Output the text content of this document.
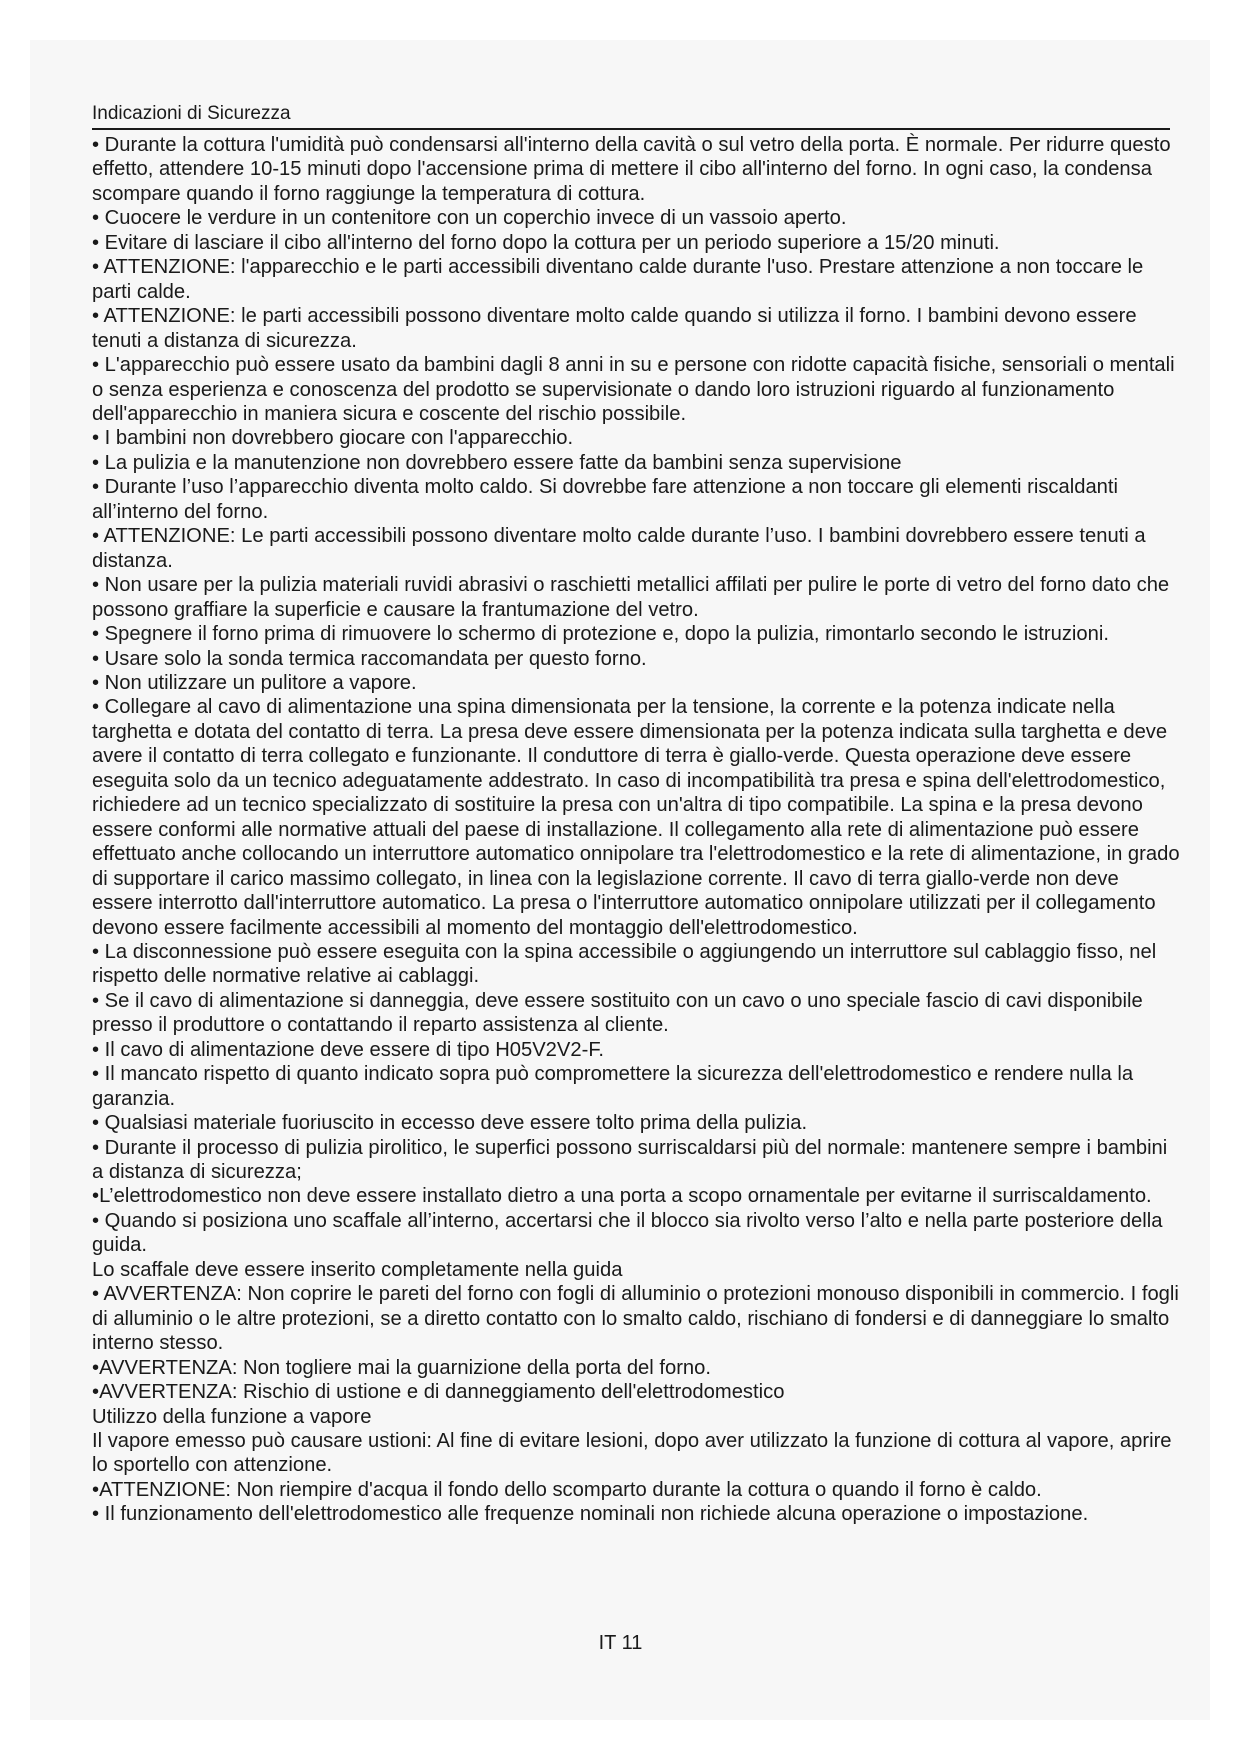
Indicazioni di Sicurezza

• Durante la cottura l'umidità può condensarsi all'interno della cavità o sul vetro della porta. È normale. Per ridurre questo effetto, attendere 10-15 minuti dopo l'accensione prima di mettere il cibo all'interno del forno. In ogni caso, la condensa scompare quando il forno raggiunge la temperatura di cottura.

• Cuocere le verdure in un contenitore con un coperchio invece di un vassoio aperto.

• Evitare di lasciare il cibo all'interno del forno dopo la cottura per un periodo superiore a 15/20 minuti.

• ATTENZIONE: l'apparecchio e le parti accessibili diventano calde durante l'uso. Prestare attenzione a non toccare le parti calde.

• ATTENZIONE: le parti accessibili possono diventare molto calde quando si utilizza il forno. I bambini devono essere tenuti a distanza di sicurezza.

• L'apparecchio può essere usato da bambini dagli 8 anni in su e persone con ridotte capacità fisiche, sensoriali o mentali o senza esperienza e conoscenza del prodotto se supervisionate o dando loro istruzioni riguardo al funzionamento dell'apparecchio in maniera sicura e coscente del rischio possibile.

• I bambini non dovrebbero giocare con l'apparecchio.

• La pulizia e la manutenzione non dovrebbero essere fatte da bambini senza supervisione

• Durante l’uso l’apparecchio diventa molto caldo. Si dovrebbe fare attenzione a non toccare gli elementi riscaldanti all’interno del forno.

• ATTENZIONE: Le parti accessibili possono diventare molto calde durante l’uso. I bambini dovrebbero essere tenuti a distanza.

• Non usare per la pulizia materiali ruvidi abrasivi o raschietti metallici affilati per pulire le porte di vetro del forno dato che possono graffiare la superficie e causare la frantumazione del vetro.

• Spegnere il forno prima di rimuovere lo schermo di protezione e, dopo la pulizia, rimontarlo secondo le istruzioni.

• Usare solo la sonda termica raccomandata per questo forno.

• Non utilizzare un pulitore a vapore.

• Collegare al cavo di alimentazione una spina dimensionata per la tensione, la corrente e la potenza indicate nella targhetta e dotata del contatto di terra. La presa deve essere dimensionata per la potenza indicata sulla targhetta e deve avere il contatto di terra collegato e funzionante. Il conduttore di terra è giallo-verde. Questa operazione deve essere eseguita solo da un tecnico adeguatamente addestrato. In caso di incompatibilità tra presa e spina dell'elettrodomestico, richiedere ad un tecnico specializzato di sostituire la presa con un'altra di tipo compatibile. La spina e la presa devono essere conformi alle normative attuali del paese di installazione. Il collegamento alla rete di alimentazione può essere effettuato anche collocando un interruttore automatico onnipolare tra l'elettrodomestico e la rete di alimentazione, in grado di supportare il carico massimo collegato, in linea con la legislazione corrente. Il cavo di terra giallo-verde non deve essere interrotto dall'interruttore automatico. La presa o l'interruttore automatico onnipolare utilizzati per il collegamento devono essere facilmente accessibili al momento del montaggio dell'elettrodomestico.

• La disconnessione può essere eseguita con la spina accessibile o aggiungendo un interruttore sul cablaggio fisso, nel rispetto delle normative relative ai cablaggi.

• Se il cavo di alimentazione si danneggia, deve essere sostituito con un cavo o uno speciale fascio di cavi disponibile presso il produttore o contattando il reparto assistenza al cliente.

• Il cavo di alimentazione deve essere di tipo H05V2V2-F.

• Il mancato rispetto di quanto indicato sopra può compromettere la sicurezza dell'elettrodomestico e rendere nulla la garanzia.

• Qualsiasi materiale fuoriuscito in eccesso deve essere tolto prima della pulizia.

• Durante il processo di pulizia pirolitico, le superfici possono surriscaldarsi più del normale: mantenere sempre i bambini a distanza di sicurezza;

•L’elettrodomestico non deve essere installato dietro a una porta a scopo ornamentale per evitarne il surriscaldamento.

• Quando si posiziona uno scaffale all’interno, accertarsi che il blocco sia rivolto verso l’alto e nella parte posteriore della guida.

Lo scaffale deve essere inserito completamente nella guida

• AVVERTENZA: Non coprire le pareti del forno con fogli di alluminio o protezioni monouso disponibili in commercio. I fogli di alluminio o le altre protezioni, se a diretto contatto con lo smalto caldo, rischiano di fondersi e di danneggiare lo smalto interno stesso.

•AVVERTENZA: Non togliere mai la guarnizione della porta del forno.

•AVVERTENZA: Rischio di ustione e di danneggiamento dell'elettrodomestico

Utilizzo della funzione a vapore

Il vapore emesso può causare ustioni: Al fine di evitare lesioni, dopo aver utilizzato la funzione di cottura al vapore, aprire lo sportello con attenzione.

•ATTENZIONE: Non riempire d'acqua il fondo dello scomparto durante la cottura o quando il forno è caldo.

• Il funzionamento dell'elettrodomestico alle frequenze nominali non richiede alcuna operazione o impostazione.

IT 11
